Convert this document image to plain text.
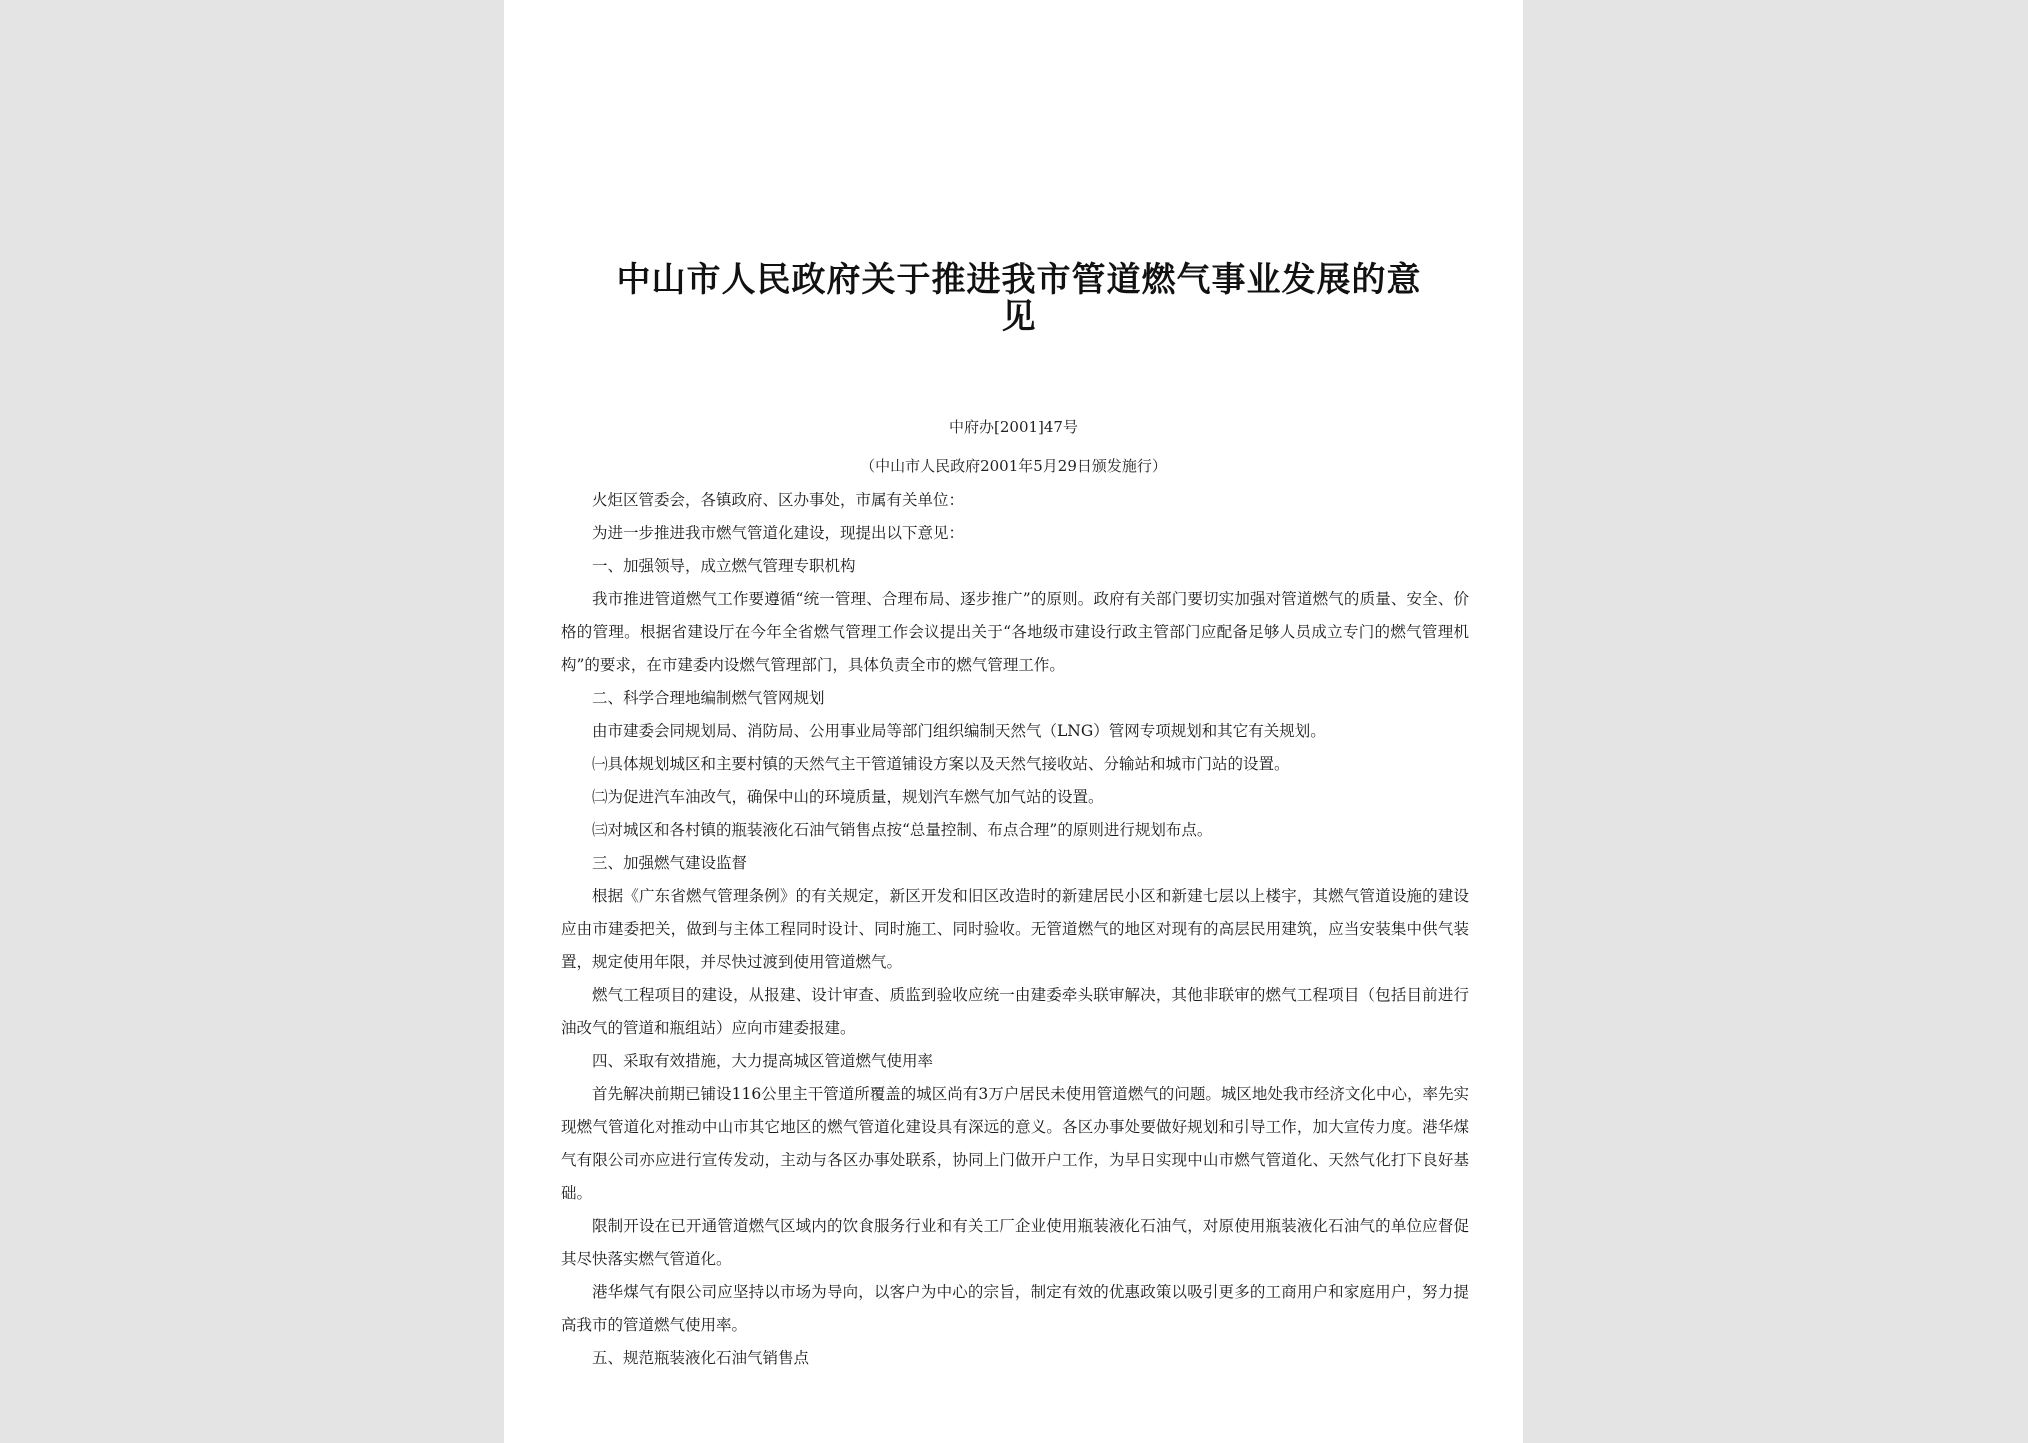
中山市人民政府关于推进我市管道燃气事业发展的意见
中府办[2001]47号
（中山市人民政府2001年5月29日颁发施行）

火炬区管委会，各镇政府、区办事处，市属有关单位：

为进一步推进我市燃气管道化建设，现提出以下意见：

一、加强领导，成立燃气管理专职机构

我市推进管道燃气工作要遵循“统一管理、合理布局、逐步推广”的原则。政府有关部门要切实加强对管道燃气的质量、安全、价格的管理。根据省建设厅在今年全省燃气管理工作会议提出关于“各地级市建设行政主管部门应配备足够人员成立专门的燃气管理机构”的要求，在市建委内设燃气管理部门，具体负责全市的燃气管理工作。

二、科学合理地编制燃气管网规划

由市建委会同规划局、消防局、公用事业局等部门组织编制天然气（LNG）管网专项规划和其它有关规划。

㈠具体规划城区和主要村镇的天然气主干管道铺设方案以及天然气接收站、分输站和城市门站的设置。

㈡为促进汽车油改气，确保中山的环境质量，规划汽车燃气加气站的设置。

㈢对城区和各村镇的瓶装液化石油气销售点按“总量控制、布点合理”的原则进行规划布点。

三、加强燃气建设监督

根据《广东省燃气管理条例》的有关规定，新区开发和旧区改造时的新建居民小区和新建七层以上楼宇，其燃气管道设施的建设应由市建委把关，做到与主体工程同时设计、同时施工、同时验收。无管道燃气的地区对现有的高层民用建筑，应当安装集中供气装置，规定使用年限，并尽快过渡到使用管道燃气。

燃气工程项目的建设，从报建、设计审查、质监到验收应统一由建委牵头联审解决，其他非联审的燃气工程项目（包括目前进行油改气的管道和瓶组站）应向市建委报建。

四、采取有效措施，大力提高城区管道燃气使用率

首先解决前期已铺设116公里主干管道所覆盖的城区尚有3万户居民未使用管道燃气的问题。城区地处我市经济文化中心，率先实现燃气管道化对推动中山市其它地区的燃气管道化建设具有深远的意义。各区办事处要做好规划和引导工作，加大宣传力度。港华煤气有限公司亦应进行宣传发动，主动与各区办事处联系，协同上门做开户工作，为早日实现中山市燃气管道化、天然气化打下良好基础。

限制开设在已开通管道燃气区域内的饮食服务行业和有关工厂企业使用瓶装液化石油气，对原使用瓶装液化石油气的单位应督促其尽快落实燃气管道化。

港华煤气有限公司应坚持以市场为导向，以客户为中心的宗旨，制定有效的优惠政策以吸引更多的工商用户和家庭用户，努力提高我市的管道燃气使用率。

五、规范瓶装液化石油气销售点
